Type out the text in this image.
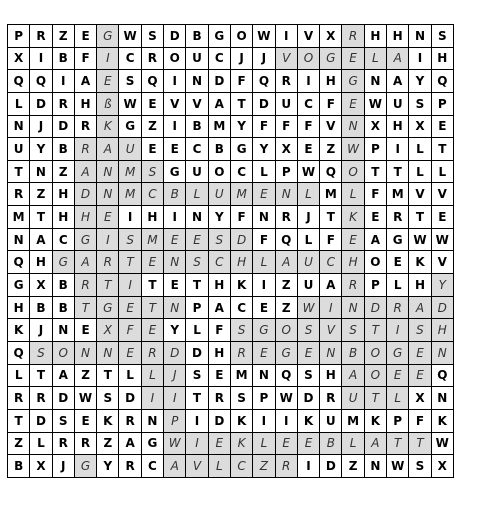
P	R	Z	E	G	W	S	D	B	G	O	W	I	V	X	R	H	H	N	S
X	I	B	F	I	C	R	O	U	C	J	J	V	O	G	E	L	A	I	H
Q	Q	I	A	E	S	Q	I	N	D	F	Q	R	I	H	G	N	A	Y	Q
L	D	R	H	ß	W	E	V	V	A	T	D	U	C	F	E	W	U	S	P
N	J	D	R	K	G	Z	I	B	M	Y	F	F	F	V	N	X	H	X	E
U	Y	B	R	A	U	E	E	C	B	G	Y	X	E	Z	W	P	I	L	T
T	N	Z	A	N	M	S	G	U	O	C	L	P	W	Q	O	T	T	L	L
R	Z	H	D	N	M	C	B	L	U	M	E	N	L	M	L	F	M	V	V
M	T	H	H	E	I	H	I	N	Y	F	N	R	J	T	K	E	R	T	E
N	A	C	G	I	S	M	E	E	S	D	F	Q	L	F	E	A	G	W	W
Q	H	G	A	R	T	E	N	S	C	H	L	A	U	C	H	O	E	K	V
G	X	B	R	T	I	T	E	T	H	K	I	Z	U	A	R	P	L	H	Y
H	B	B	T	G	E	T	N	P	A	C	E	Z	W	I	N	D	R	A	D
K	J	N	E	X	F	E	Y	L	F	S	G	O	S	V	S	T	I	S	H
Q	S	O	N	N	E	R	D	D	H	R	E	G	E	N	B	O	G	E	N
L	T	A	Z	T	L	L	J	S	E	M	N	Q	S	H	A	O	E	E	Q
R	R	D	W	S	D	I	I	T	R	S	P	W	D	R	U	T	L	X	N
T	D	S	E	K	R	N	P	I	D	K	I	I	K	U	M	K	P	F	K
Z	L	R	R	Z	A	G	W	I	E	K	L	E	E	B	L	A	T	T	W
B	X	J	G	Y	R	C	A	V	L	C	Z	R	I	D	Z	N	W	S	X
